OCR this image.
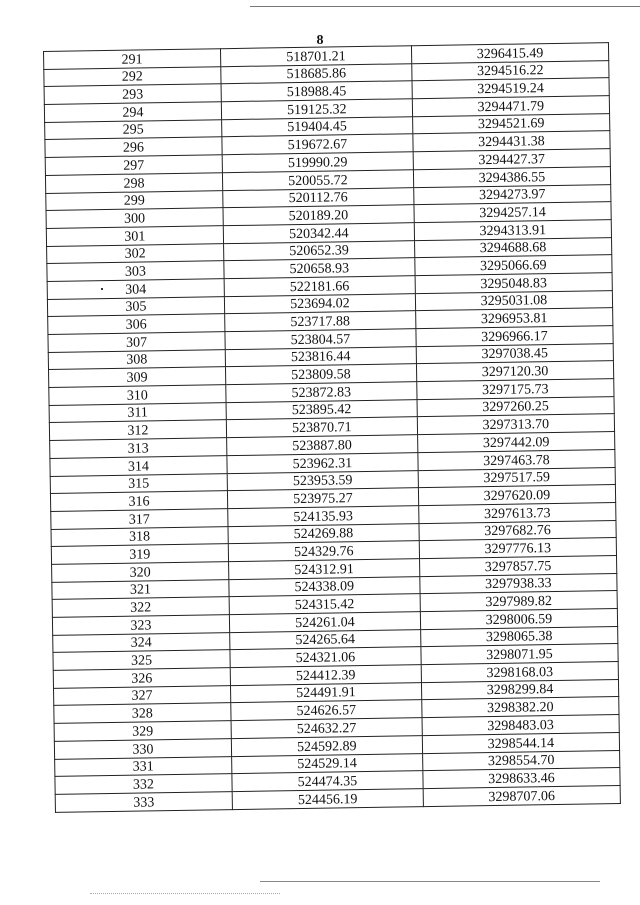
8
291	518701.21	3296415.49
292	518685.86	3294516.22
293	518988.45	3294519.24
294	519125.32	3294471.79
295	519404.45	3294521.69
296	519672.67	3294431.38
297	519990.29	3294427.37
298	520055.72	3294386.55
299	520112.76	3294273.97
300	520189.20	3294257.14
301	520342.44	3294313.91
302	520652.39	3294688.68
303	520658.93	3295066.69
304	522181.66	3295048.83
305	523694.02	3295031.08
306	523717.88	3296953.81
307	523804.57	3296966.17
308	523816.44	3297038.45
309	523809.58	3297120.30
310	523872.83	3297175.73
311	523895.42	3297260.25
312	523870.71	3297313.70
313	523887.80	3297442.09
314	523962.31	3297463.78
315	523953.59	3297517.59
316	523975.27	3297620.09
317	524135.93	3297613.73
318	524269.88	3297682.76
319	524329.76	3297776.13
320	524312.91	3297857.75
321	524338.09	3297938.33
322	524315.42	3297989.82
323	524261.04	3298006.59
324	524265.64	3298065.38
325	524321.06	3298071.95
326	524412.39	3298168.03
327	524491.91	3298299.84
328	524626.57	3298382.20
329	524632.27	3298483.03
330	524592.89	3298544.14
331	524529.14	3298554.70
332	524474.35	3298633.46
333	524456.19	3298707.06
